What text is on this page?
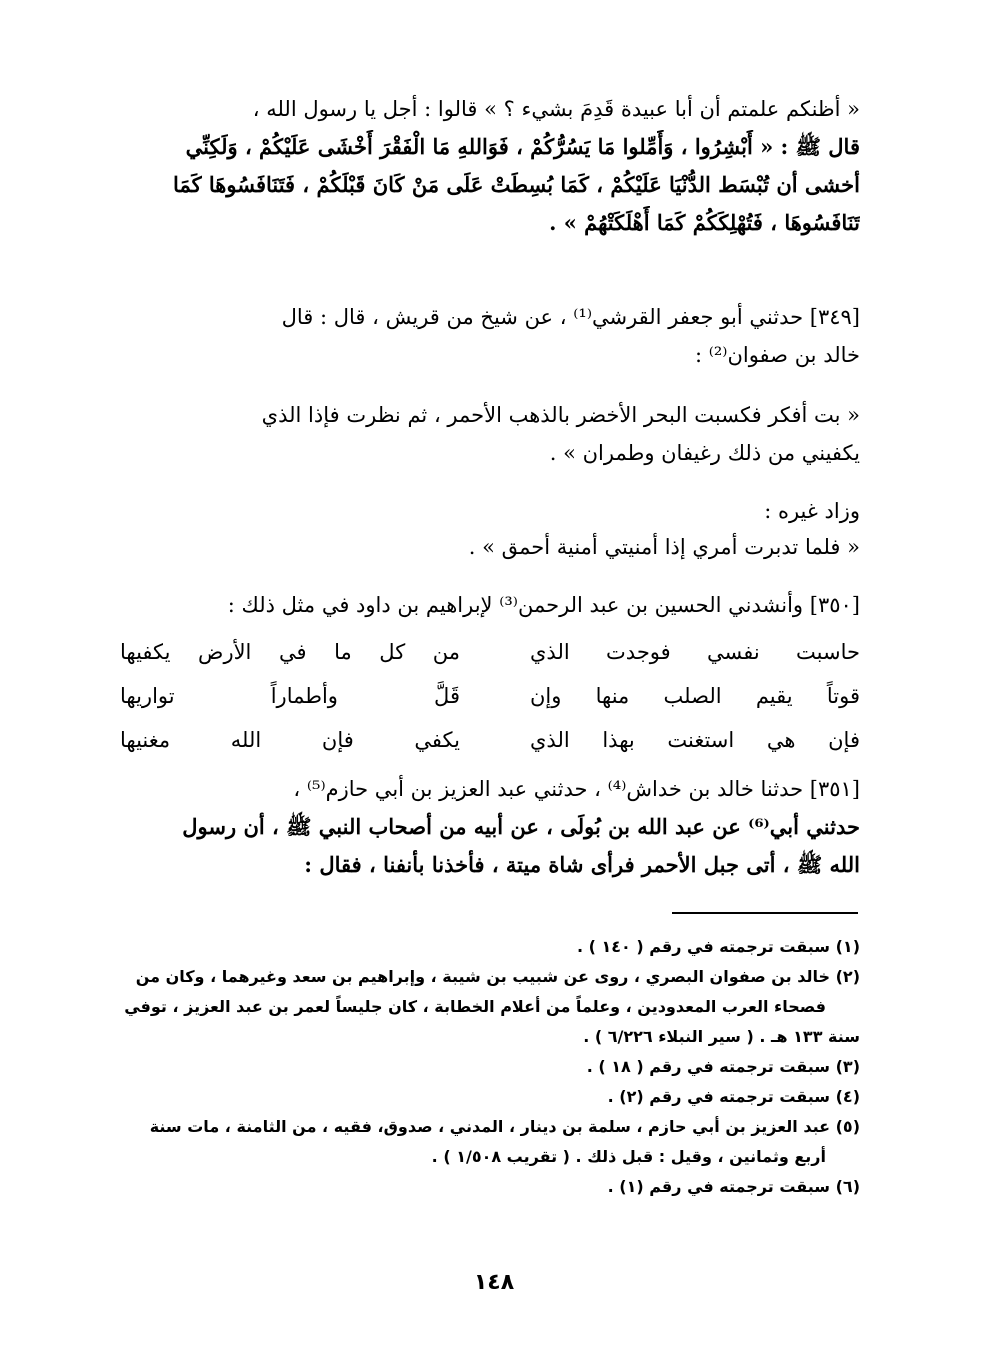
« أظنكم علمتم أن أبا عبيدة قَدِمَ بشيء ؟ » قالوا : أجل يا رسول الله ،
قال ﷺ : « أَبْشِرُوا ، وَأَمِّلوا مَا يَسُرُّكُمْ ، فَوَاللهِ مَا الْفَقْرَ أَخْشَى عَلَيْكُمْ ، وَلَكِنِّي
أخشى أن تُبْسَط الدُّنْيَا عَلَيْكُمْ ، كَمَا بُسِطَتْ عَلَى مَنْ كَانَ قَبْلَكُمْ ، فَتَنَافَسُوهَا كَمَا
تَنَافَسُوهَا ، فَتُهْلِكَكُمْ كَمَا أَهْلَكَتْهُمْ » .
[٣٤٩] حدثني أبو جعفر القرشي⁽¹⁾ ، عن شيخ من قريش ، قال : قال
خالد بن صفوان⁽²⁾ :
« بت أفكر فكسبت البحر الأخضر بالذهب الأحمر ، ثم نظرت فإذا الذي
يكفيني من ذلك رغيفان وطمران » .
وزاد غيره :
« فلما تدبرت أمري إذا أمنيتي أمنية أحمق » .
[٣٥٠] وأنشدني الحسين بن عبد الرحمن⁽³⁾ لإبراهيم بن داود في مثل ذلك :
حاسبت نفسي فوجدت الذي
من كل ما في الأرض يكفيها
قوتاً يقيم الصلب منها وإن
قَلَّ وأطماراً تواريها
فإن هي استغنت بهذا الذي
يكفي فإن الله مغنيها
[٣٥١] حدثنا خالد بن خداش⁽⁴⁾ ، حدثني عبد العزيز بن أبي حازم⁽⁵⁾ ،
حدثني أبي⁽⁶⁾ عن عبد الله بن بُولَى ، عن أبيه من أصحاب النبي ﷺ ، أن رسول
الله ﷺ ، أتى جبل الأحمر فرأى شاة ميتة ، فأخذنا بأنفنا ، فقال :
(١) سبقت ترجمته في رقم ( ١٤٠ ) .
(٢) خالد بن صفوان البصري ، روى عن شبيب بن شيبة ، وإبراهيم بن سعد وغيرهما ، وكان من
فصحاء العرب المعدودين ، وعلماً من أعلام الخطابة ، كان جليساً لعمر بن عبد العزيز ، توفي
سنة ١٣٣ هـ . ( سير النبلاء ٦/٢٢٦ ) .
(٣) سبقت ترجمته في رقم ( ١٨ ) .
(٤) سبقت ترجمته في رقم (٢) .
(٥) عبد العزيز بن أبي حازم ، سلمة بن دينار ، المدني ، صدوق، فقيه ، من الثامنة ، مات سنة
أربع وثمانين ، وقيل : قبل ذلك . ( تقريب ١/٥٠٨ ) .
(٦) سبقت ترجمته في رقم (١) .
١٤٨
